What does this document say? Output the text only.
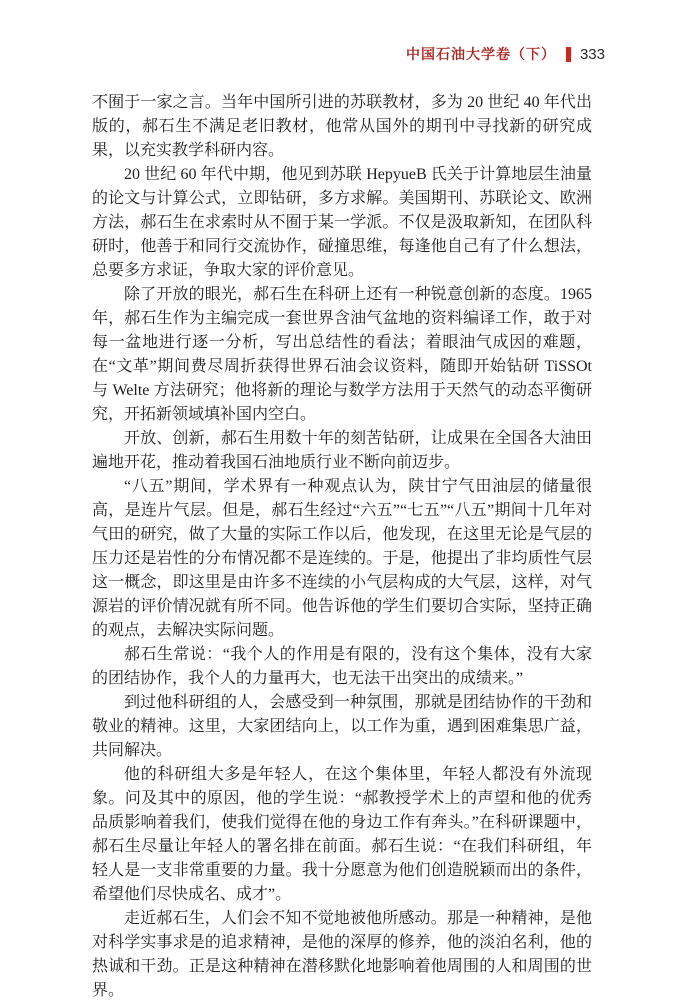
中国石油大学卷（下） 333

不囿于一家之言。当年中国所引进的苏联教材，多为 20 世纪 40 年代出版的，郝石生不满足老旧教材，他常从国外的期刊中寻找新的研究成果，以充实教学科研内容。

20 世纪 60 年代中期，他见到苏联 HepyueB 氏关于计算地层生油量的论文与计算公式，立即钻研，多方求解。美国期刊、苏联论文、欧洲方法，郝石生在求索时从不囿于某一学派。不仅是汲取新知，在团队科研时，他善于和同行交流协作，碰撞思维，每逢他自己有了什么想法，总要多方求证，争取大家的评价意见。

除了开放的眼光，郝石生在科研上还有一种锐意创新的态度。1965 年，郝石生作为主编完成一套世界含油气盆地的资料编译工作，敢于对每一盆地进行逐一分析，写出总结性的看法；着眼油气成因的难题，在“文革”期间费尽周折获得世界石油会议资料，随即开始钻研 TiSSOt 与 Welte 方法研究；他将新的理论与数学方法用于天然气的动态平衡研究，开拓新领域填补国内空白。

开放、创新，郝石生用数十年的刻苦钻研，让成果在全国各大油田遍地开花，推动着我国石油地质行业不断向前迈步。

“八五”期间，学术界有一种观点认为，陕甘宁气田油层的储量很高，是连片气层。但是，郝石生经过“六五”“七五”“八五”期间十几年对气田的研究，做了大量的实际工作以后，他发现，在这里无论是气层的压力还是岩性的分布情况都不是连续的。于是，他提出了非均质性气层这一概念，即这里是由许多不连续的小气层构成的大气层，这样，对气源岩的评价情况就有所不同。他告诉他的学生们要切合实际，坚持正确的观点，去解决实际问题。

郝石生常说：“我个人的作用是有限的，没有这个集体，没有大家的团结协作，我个人的力量再大，也无法干出突出的成绩来。”

到过他科研组的人，会感受到一种氛围，那就是团结协作的干劲和敬业的精神。这里，大家团结向上，以工作为重，遇到困难集思广益，共同解决。

他的科研组大多是年轻人，在这个集体里，年轻人都没有外流现象。问及其中的原因，他的学生说：“郝教授学术上的声望和他的优秀品质影响着我们，使我们觉得在他的身边工作有奔头。”在科研课题中，郝石生尽量让年轻人的署名排在前面。郝石生说：“在我们科研组，年轻人是一支非常重要的力量。我十分愿意为他们创造脱颖而出的条件，希望他们尽快成名、成才”。

走近郝石生，人们会不知不觉地被他所感动。那是一种精神，是他对科学实事求是的追求精神，是他的深厚的修养，他的淡泊名利，他的热诚和干劲。正是这种精神在潜移默化地影响着他周围的人和周围的世界。
